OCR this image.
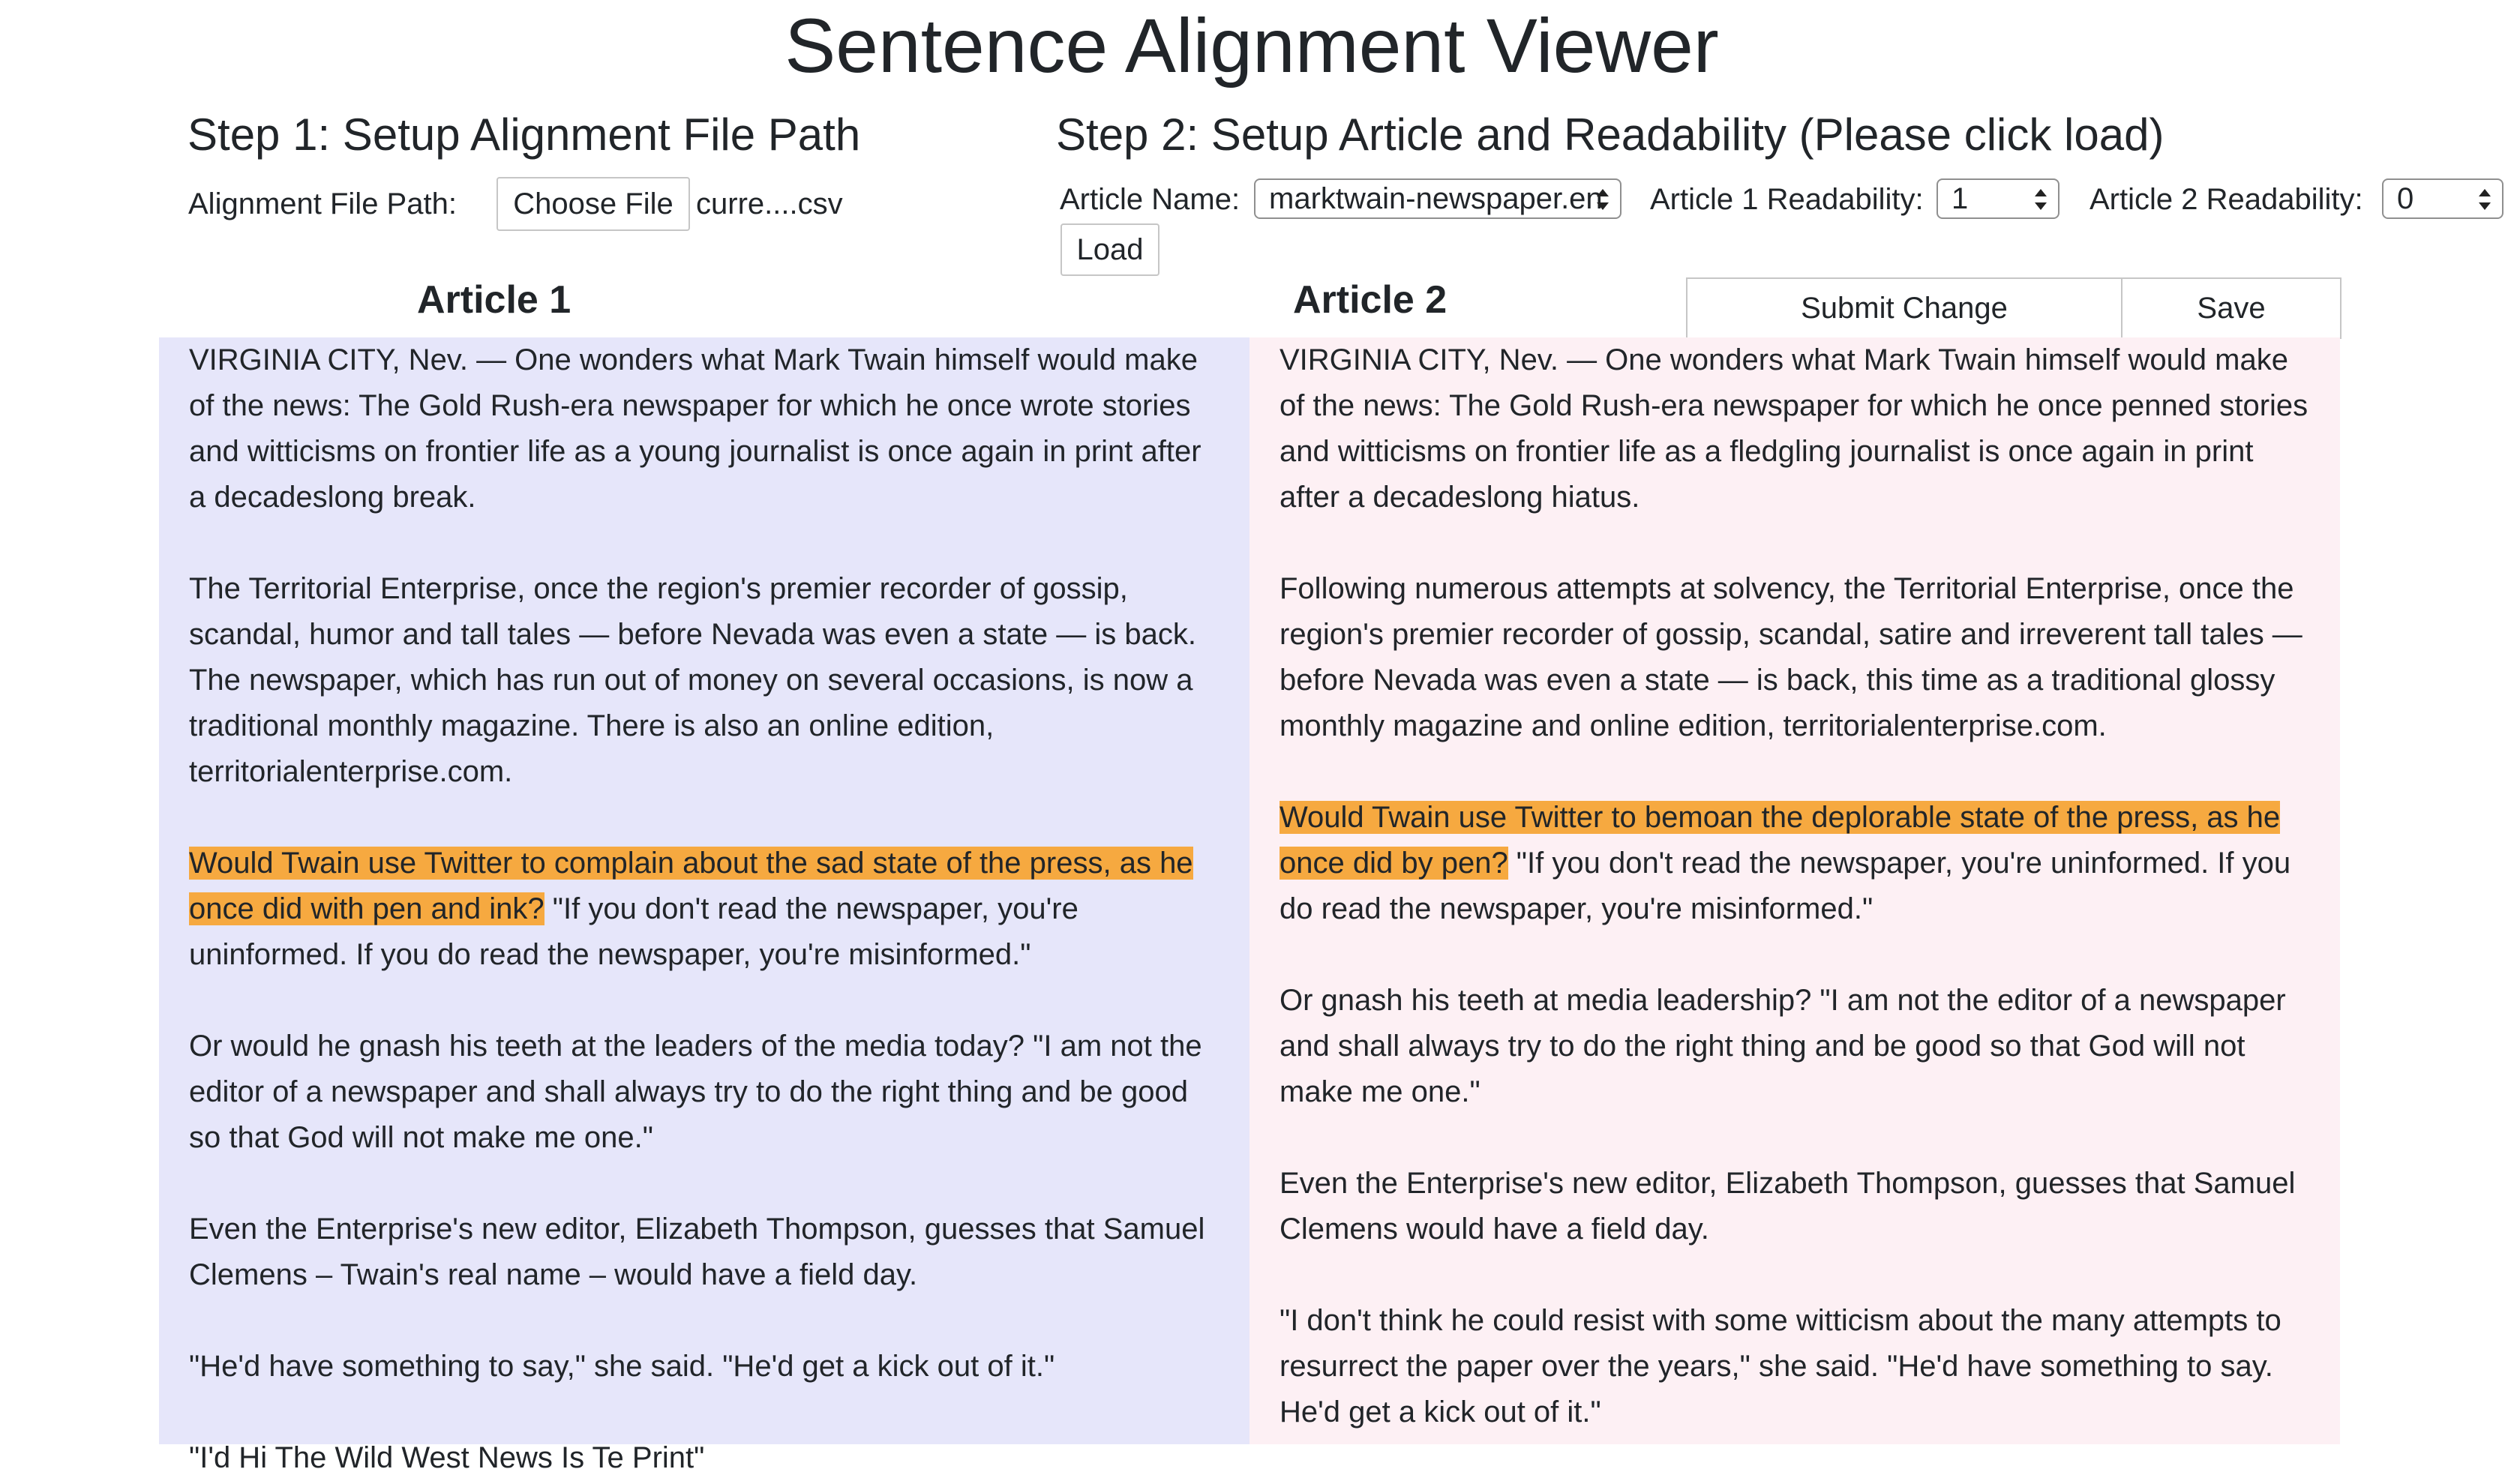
Sentence Alignment Viewer
Step 1: Setup Alignment File Path
Alignment File Path:	Choose File curre....csv
Step 2: Setup Article and Readability (Please click load)
Article Name: marktwain-newspaper.en Article 1 Readability: 1	Article 2 Readability: 0
Load
Article 1	Article 2	Submit Change	Save

VIRGINIA CITY, Nev. — One wonders what Mark Twain himself would make of the news: The Gold Rush-era newspaper for which he once wrote stories and witticisms on frontier life as a young journalist is once again in print after a decadeslong break.

The Territorial Enterprise, once the region's premier recorder of gossip, scandal, humor and tall tales — before Nevada was even a state — is back. The newspaper, which has run out of money on several occasions, is now a traditional monthly magazine. There is also an online edition, territorialenterprise.com.

Would Twain use Twitter to complain about the sad state of the press, as he once did with pen and ink? "If you don't read the newspaper, you're uninformed. If you do read the newspaper, you're misinformed."

Or would he gnash his teeth at the leaders of the media today? "I am not the editor of a newspaper and shall always try to do the right thing and be good so that God will not make me one."

Even the Enterprise's new editor, Elizabeth Thompson, guesses that Samuel Clemens – Twain's real name – would have a field day.

"He'd have something to say," she said. "He'd get a kick out of it."

"I'd Hi The Wild West News Is Te Print"

VIRGINIA CITY, Nev. — One wonders what Mark Twain himself would make of the news: The Gold Rush-era newspaper for which he once penned stories and witticisms on frontier life as a fledgling journalist is once again in print after a decadeslong hiatus.

Following numerous attempts at solvency, the Territorial Enterprise, once the region's premier recorder of gossip, scandal, satire and irreverent tall tales — before Nevada was even a state — is back, this time as a traditional glossy monthly magazine and online edition, territorialenterprise.com.

Would Twain use Twitter to bemoan the deplorable state of the press, as he once did by pen? "If you don't read the newspaper, you're uninformed. If you do read the newspaper, you're misinformed."

Or gnash his teeth at media leadership? "I am not the editor of a newspaper and shall always try to do the right thing and be good so that God will not make me one."

Even the Enterprise's new editor, Elizabeth Thompson, guesses that Samuel Clemens would have a field day.

"I don't think he could resist with some witticism about the many attempts to resurrect the paper over the years," she said. "He'd have something to say. He'd get a kick out of it."
